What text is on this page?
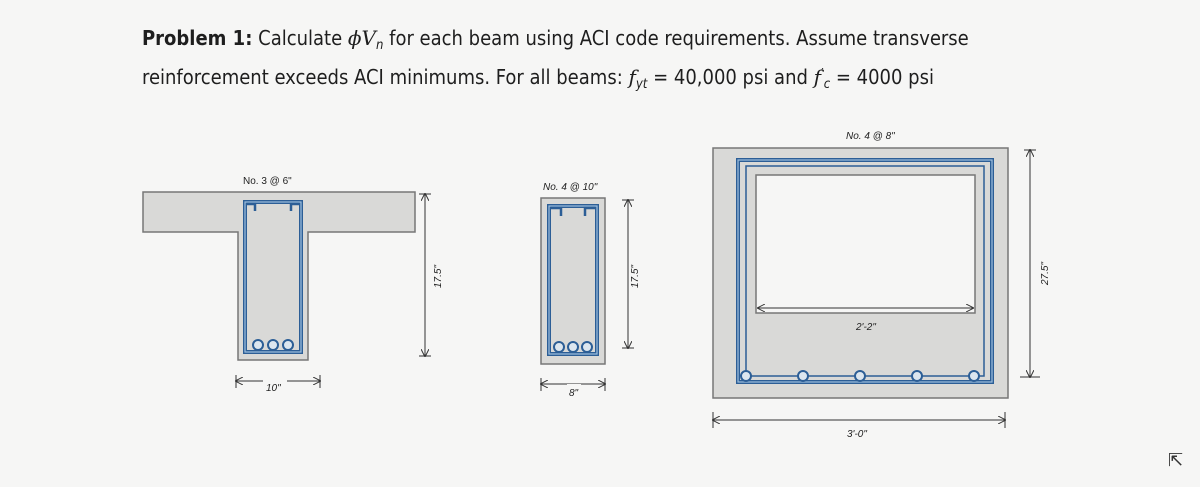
Problem 1: Calculate $\phi V_n$ for each beam using ACI code requirements. Assume transverse
reinforcement exceeds ACI minimums. For all beams: $f_{yt} = 40,000$ psi and $f'_c = 4000$ psi
No. 3 @ 6"
17.5"
10"
No. 4 @ 10"
17.5"
8"
No. 4 @ 8"
2'-2"
27.5"
3'-0"
⇱
